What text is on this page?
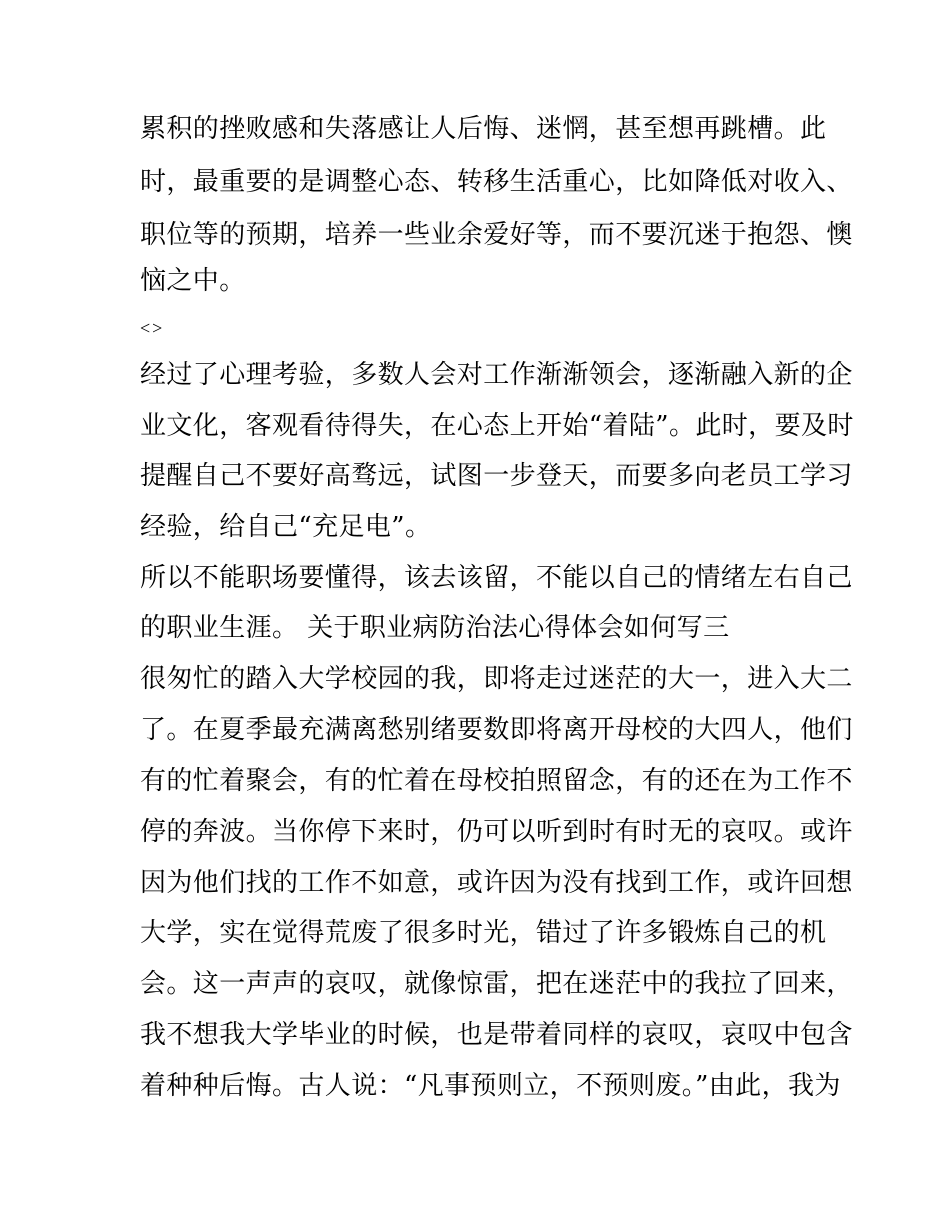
累积的挫败感和失落感让人后悔、迷惘，甚至想再跳槽。此
时，最重要的是调整心态、转移生活重心，比如降低对收入、
职位等的预期，培养一些业余爱好等，而不要沉迷于抱怨、懊
恼之中。
<>
经过了心理考验，多数人会对工作渐渐领会，逐渐融入新的企
业文化，客观看待得失，在心态上开始“着陆”。此时，要及时
提醒自己不要好高骛远，试图一步登天，而要多向老员工学习
经验，给自己“充足电”。
所以不能职场要懂得，该去该留，不能以自己的情绪左右自己
的职业生涯。 关于职业病防治法心得体会如何写三
很匆忙的踏入大学校园的我，即将走过迷茫的大一，进入大二
了。在夏季最充满离愁别绪要数即将离开母校的大四人，他们
有的忙着聚会，有的忙着在母校拍照留念，有的还在为工作不
停的奔波。当你停下来时，仍可以听到时有时无的哀叹。或许
因为他们找的工作不如意，或许因为没有找到工作，或许回想
大学，实在觉得荒废了很多时光，错过了许多锻炼自己的机
会。这一声声的哀叹，就像惊雷，把在迷茫中的我拉了回来，
我不想我大学毕业的时候，也是带着同样的哀叹，哀叹中包含
着种种后悔。古人说：“凡事预则立，不预则废。”由此，我为
